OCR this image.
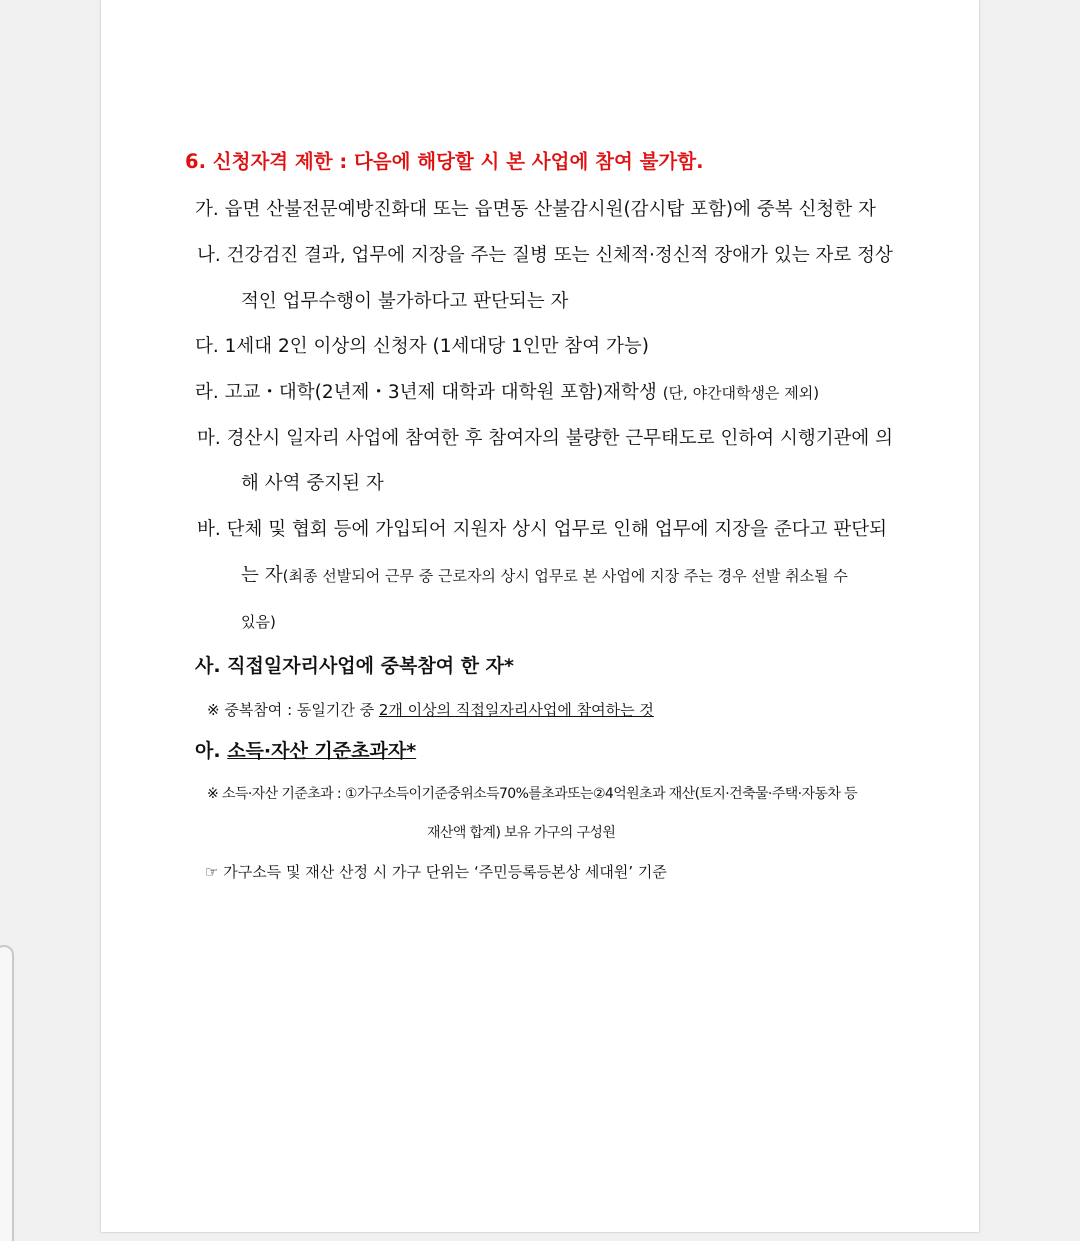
6. 신청자격 제한 : 다음에 해당할 시 본 사업에 참여 불가함.
가. 읍면 산불전문예방진화대 또는 읍면동 산불감시원(감시탑 포함)에 중복 신청한 자
나. 건강검진 결과, 업무에 지장을 주는 질병 또는 신체적·정신적 장애가 있는 자로 정상
적인 업무수행이 불가하다고 판단되는 자
다. 1세대 2인 이상의 신청자 (1세대당 1인만 참여 가능)
라. 고교・대학(2년제・3년제 대학과 대학원 포함)재학생 (단, 야간대학생은 제외)
마. 경산시 일자리 사업에 참여한 후 참여자의 불량한 근무태도로 인하여 시행기관에 의
해 사역 중지된 자
바. 단체 및 협회 등에 가입되어 지원자 상시 업무로 인해 업무에 지장을 준다고 판단되
는 자(최종 선발되어 근무 중 근로자의 상시 업무로 본 사업에 지장 주는 경우 선발 취소될 수
있음)
사. 직접일자리사업에 중복참여 한 자*
※ 중복참여 : 동일기간 중 2개 이상의 직접일자리사업에 참여하는 것
아. 소득·자산 기준초과자*
※ 소득·자산 기준초과 : ①가구소득이기준중위소득70%를초과또는②4억원초과 재산(토지·건축물·주택·자동차 등
재산액 합계) 보유 가구의 구성원
☞ 가구소득 및 재산 산정 시 가구 단위는 ‘주민등록등본상 세대원’ 기준
